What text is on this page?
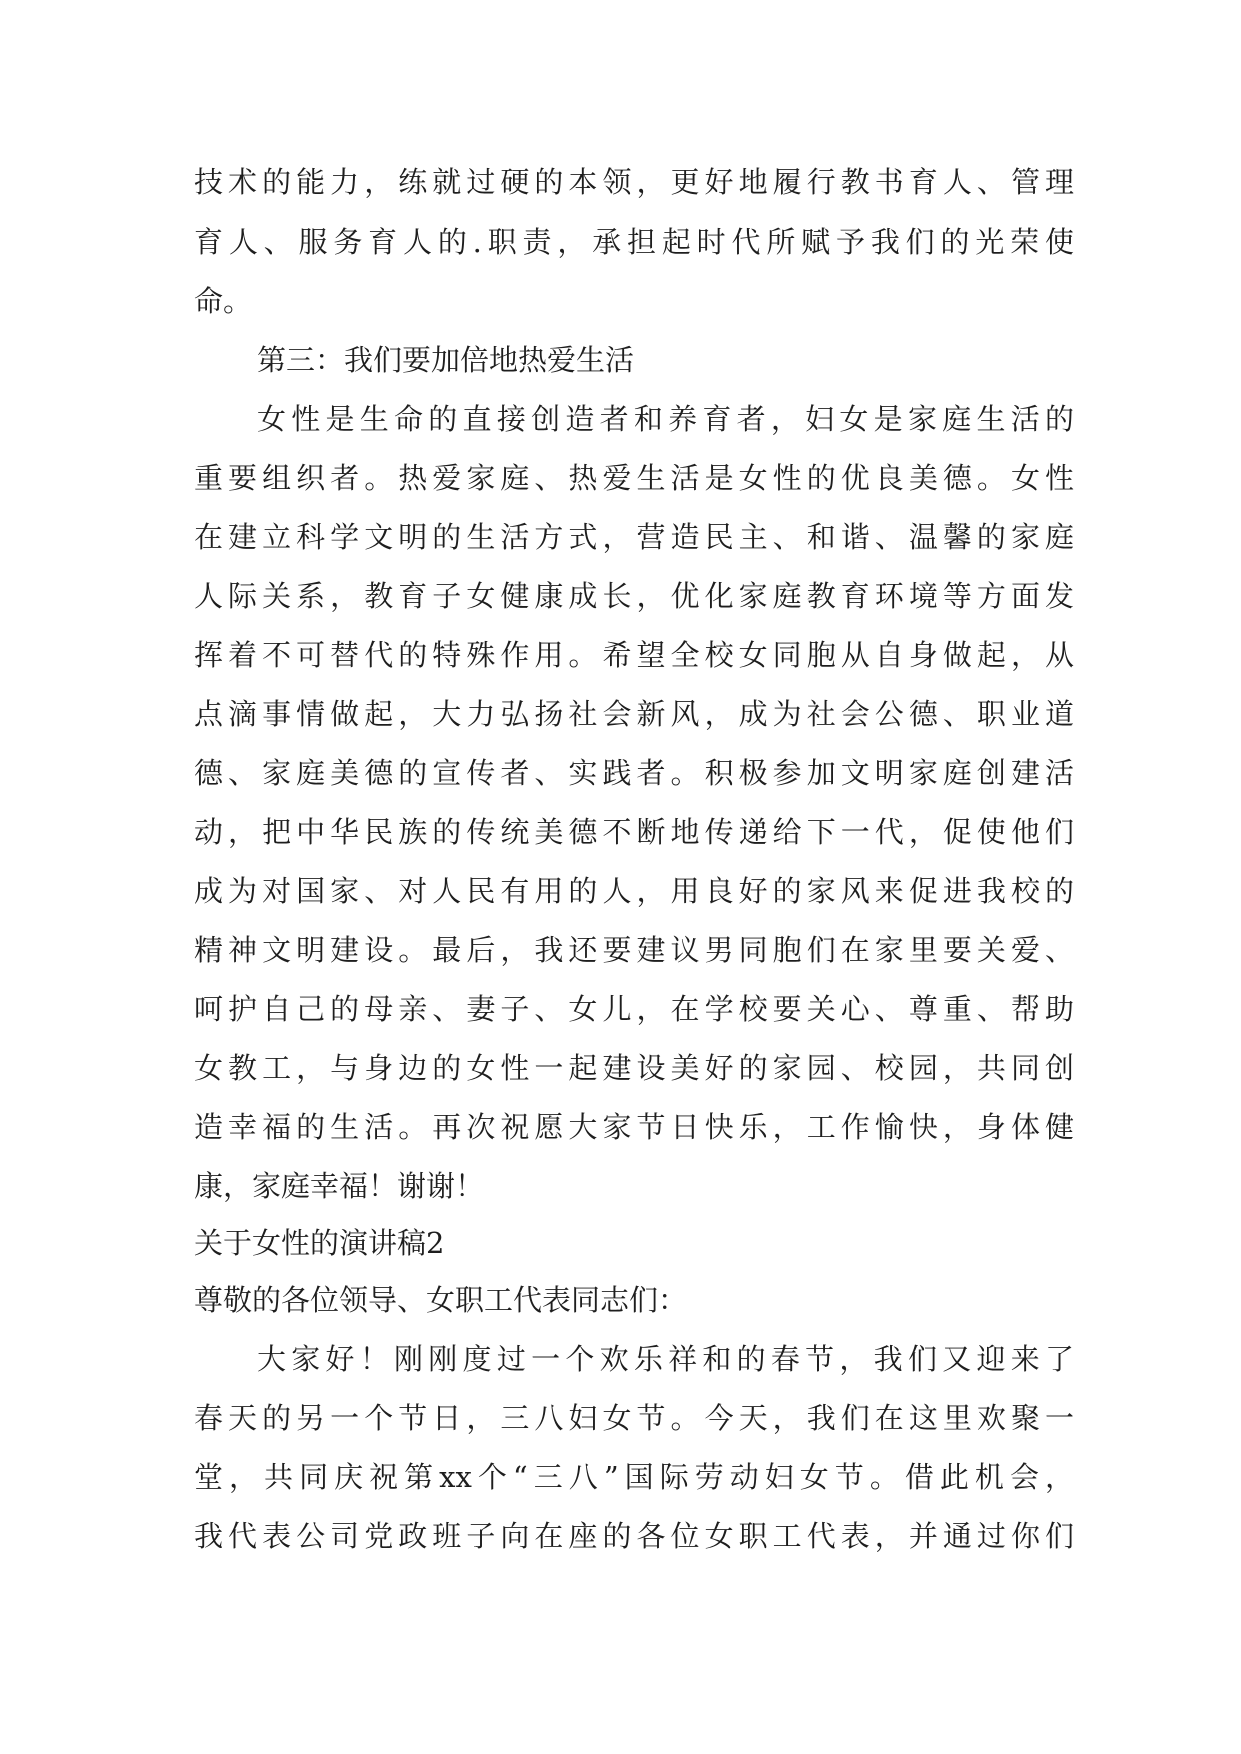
技术的能力，练就过硬的本领，更好地履行教书育人、管理
育人、服务育人的.职责，承担起时代所赋予我们的光荣使
命。
第三：我们要加倍地热爱生活
女性是生命的直接创造者和养育者，妇女是家庭生活的
重要组织者。热爱家庭、热爱生活是女性的优良美德。女性
在建立科学文明的生活方式，营造民主、和谐、温馨的家庭
人际关系，教育子女健康成长，优化家庭教育环境等方面发
挥着不可替代的特殊作用。希望全校女同胞从自身做起，从
点滴事情做起，大力弘扬社会新风，成为社会公德、职业道
德、家庭美德的宣传者、实践者。积极参加文明家庭创建活
动，把中华民族的传统美德不断地传递给下一代，促使他们
成为对国家、对人民有用的人，用良好的家风来促进我校的
精神文明建设。最后，我还要建议男同胞们在家里要关爱、
呵护自己的母亲、妻子、女儿，在学校要关心、尊重、帮助
女教工，与身边的女性一起建设美好的家园、校园，共同创
造幸福的生活。再次祝愿大家节日快乐，工作愉快，身体健
康，家庭幸福！谢谢！
关于女性的演讲稿2
尊敬的各位领导、女职工代表同志们：
大家好！刚刚度过一个欢乐祥和的春节，我们又迎来了
春天的另一个节日，三八妇女节。今天，我们在这里欢聚一
堂，共同庆祝第xx个“三八”国际劳动妇女节。借此机会，
我代表公司党政班子向在座的各位女职工代表，并通过你们
